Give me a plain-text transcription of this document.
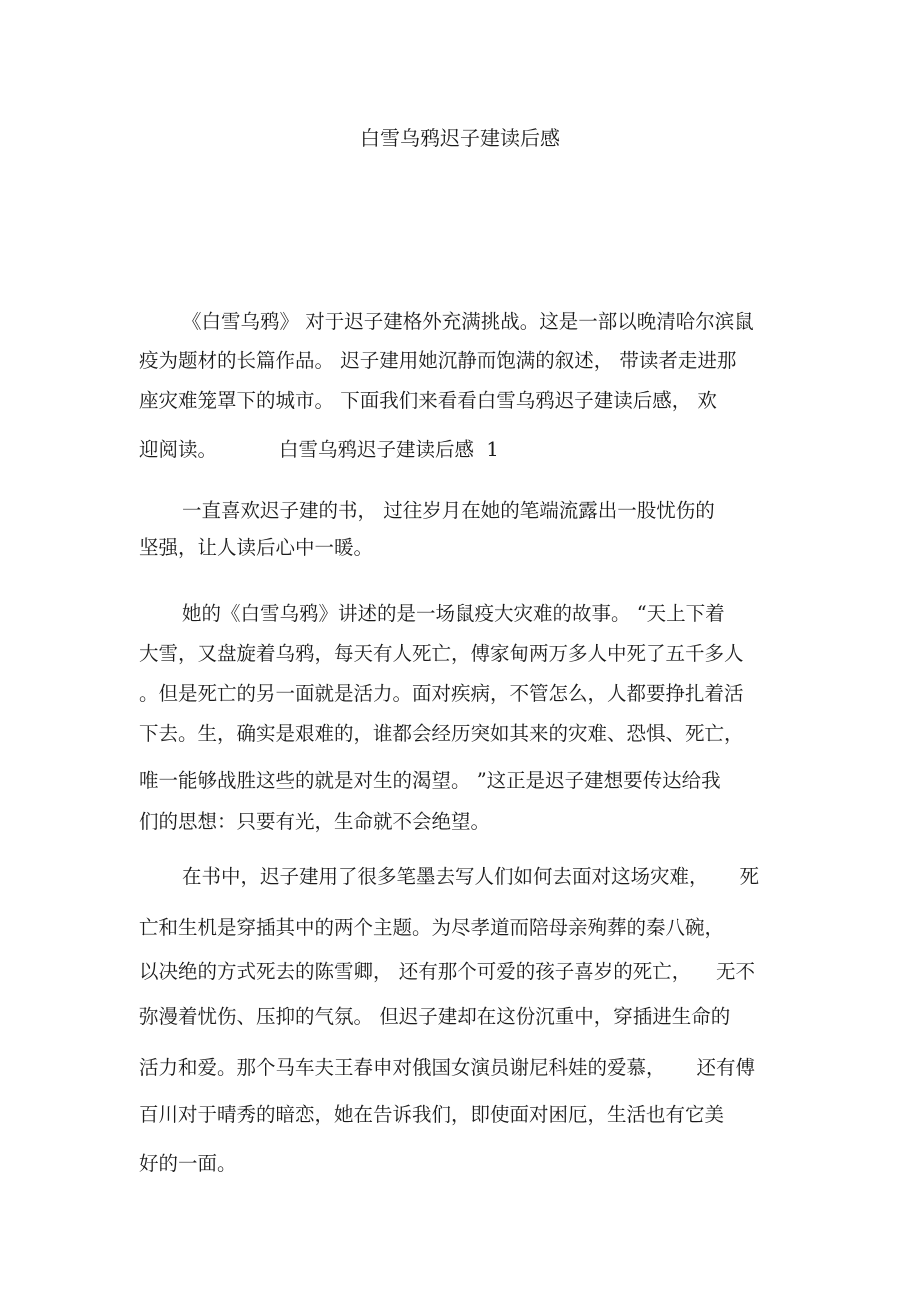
白雪乌鸦迟子建读后感

《白雪乌鸦》 对于迟子建格外充满挑战。这是一部以晚清哈尔滨鼠

疫为题材的长篇作品。 迟子建用她沉静而饱满的叙述， 带读者走进那

座灾难笼罩下的城市。 下面我们来看看白雪乌鸦迟子建读后感， 欢

迎阅读。          白雪乌鸦迟子建读后感  1

一直喜欢迟子建的书， 过往岁月在她的笔端流露出一股忧伤的

坚强，让人读后心中一暖。

她的《白雪乌鸦》讲述的是一场鼠疫大灾难的故事。 “天上下着

大雪，又盘旋着乌鸦，每天有人死亡，傅家甸两万多人中死了五千多人

。但是死亡的另一面就是活力。面对疾病，不管怎么，人都要挣扎着活

下去。生，确实是艰难的，谁都会经历突如其来的灾难、恐惧、死亡，

唯一能够战胜这些的就是对生的渴望。 ”这正是迟子建想要传达给我

们的思想：只要有光，生命就不会绝望。

在书中，迟子建用了很多笔墨去写人们如何去面对这场灾难，     死

亡和生机是穿插其中的两个主题。为尽孝道而陪母亲殉葬的秦八碗，

以决绝的方式死去的陈雪卿， 还有那个可爱的孩子喜岁的死亡，    无不

弥漫着忧伤、压抑的气氛。 但迟子建却在这份沉重中，穿插进生命的

活力和爱。那个马车夫王春申对俄国女演员谢尼科娃的爱慕，     还有傅

百川对于晴秀的暗恋，她在告诉我们，即使面对困厄，生活也有它美

好的一面。
